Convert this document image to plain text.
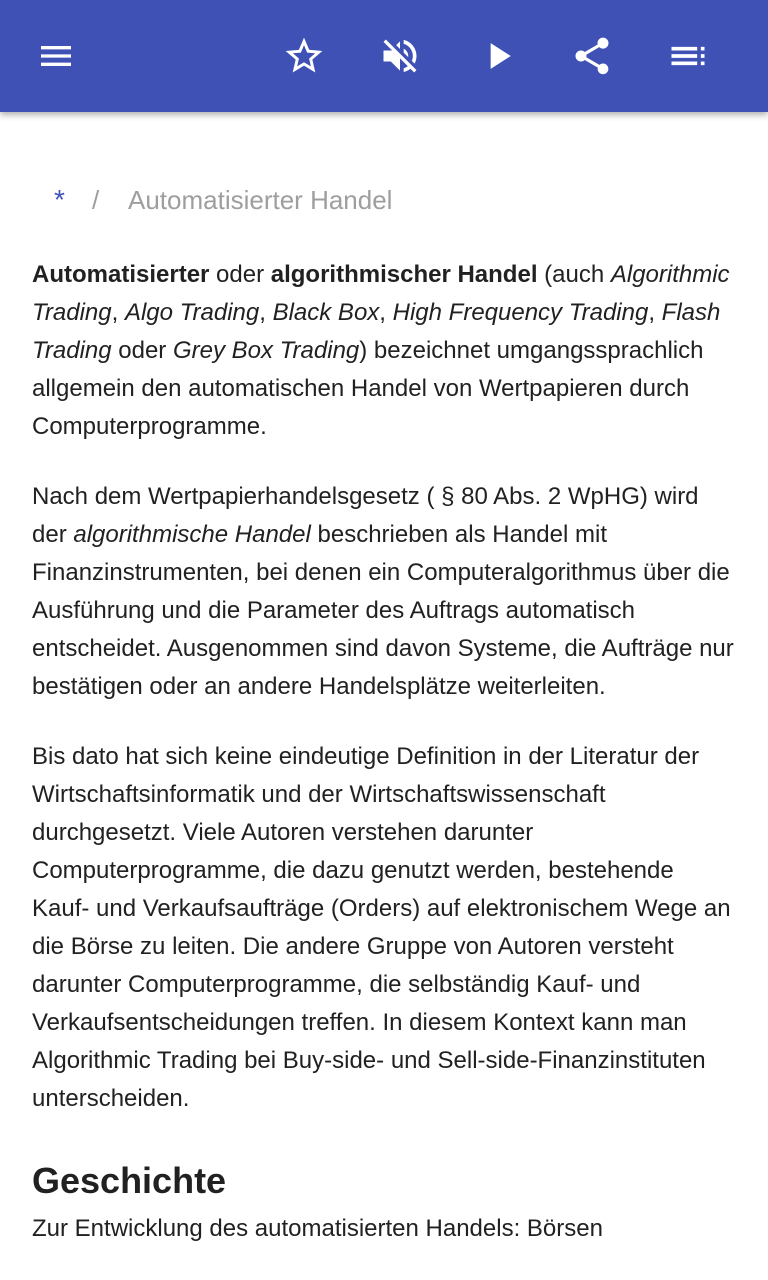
* / Automatisierter Handel

Automatisierter oder algorithmischer Handel (auch Algorithmic Trading, Algo Trading, Black Box, High Frequency Trading, Flash Trading oder Grey Box Trading) bezeichnet umgangssprachlich allgemein den automatischen Handel von Wertpapieren durch Computerprogramme.

Nach dem Wertpapierhandelsgesetz ( § 80 Abs. 2 WpHG) wird der algorithmische Handel beschrieben als Handel mit Finanzinstrumenten, bei denen ein Computeralgorithmus über die Ausführung und die Parameter des Auftrags automatisch entscheidet. Ausgenommen sind davon Systeme, die Aufträge nur bestätigen oder an andere Handelsplätze weiterleiten.

Bis dato hat sich keine eindeutige Definition in der Literatur der Wirtschaftsinformatik und der Wirtschaftswissenschaft durchgesetzt. Viele Autoren verstehen darunter Computerprogramme, die dazu genutzt werden, bestehende Kauf- und Verkaufsaufträge (Orders) auf elektronischem Wege an die Börse zu leiten. Die andere Gruppe von Autoren versteht darunter Computerprogramme, die selbständig Kauf- und Verkaufsentscheidungen treffen. In diesem Kontext kann man Algorithmic Trading bei Buy-side- und Sell-side-Finanzinstituten unterscheiden.

Geschichte

Zur Entwicklung des automatisierten Handels: Börsen
